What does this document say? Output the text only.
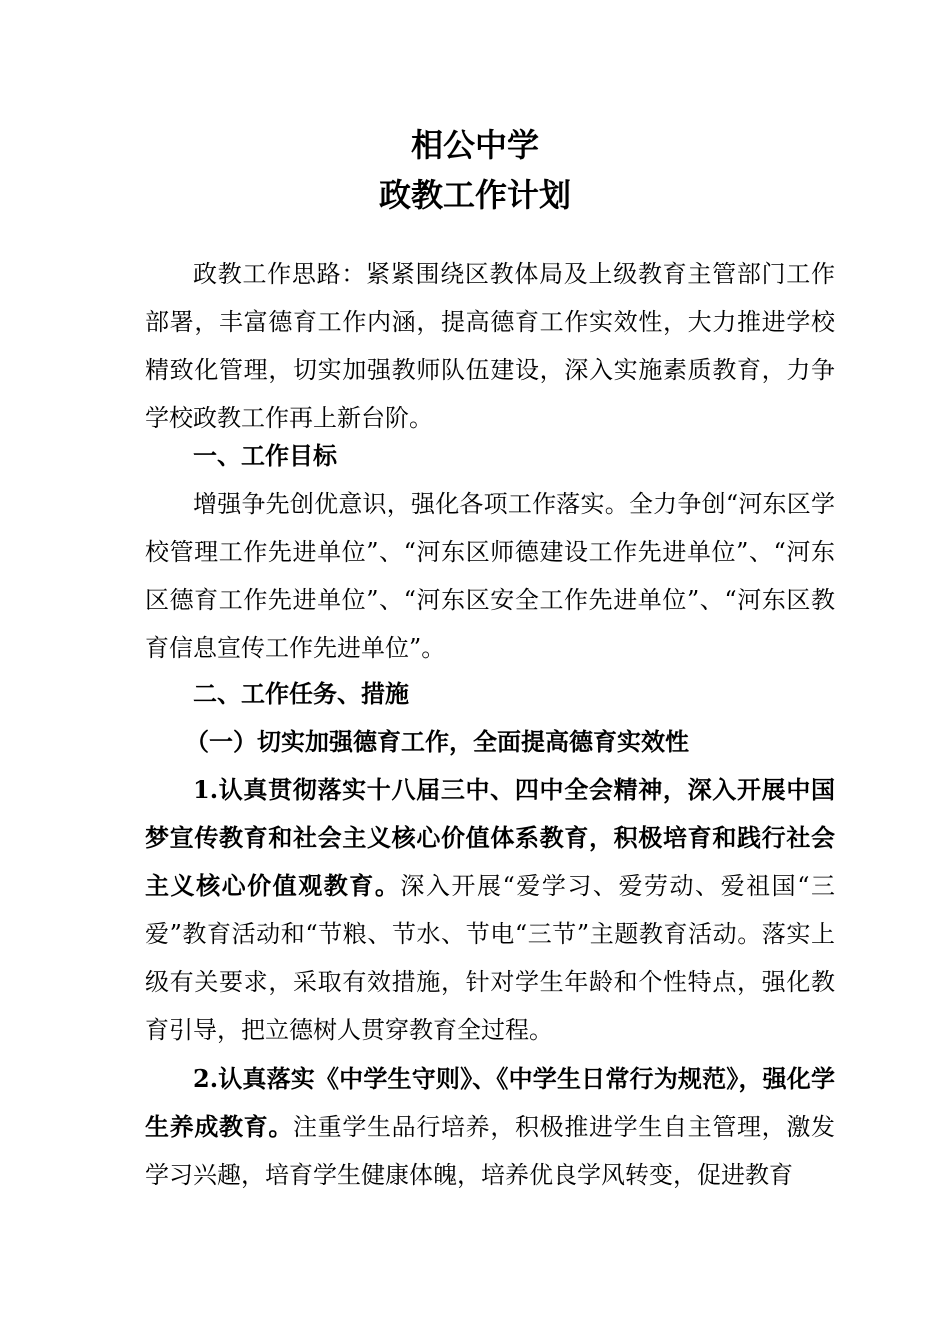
相公中学
政教工作计划

政教工作思路：紧紧围绕区教体局及上级教育主管部门工作部署，丰富德育工作内涵，提高德育工作实效性，大力推进学校精致化管理，切实加强教师队伍建设，深入实施素质教育，力争学校政教工作再上新台阶。

一、工作目标

增强争先创优意识，强化各项工作落实。全力争创“河东区学校管理工作先进单位”、“河东区师德建设工作先进单位”、“河东区德育工作先进单位”、“河东区安全工作先进单位”、“河东区教育信息宣传工作先进单位”。

二、工作任务、措施
（一）切实加强德育工作，全面提高德育实效性

1.认真贯彻落实十八届三中、四中全会精神，深入开展中国梦宣传教育和社会主义核心价值体系教育，积极培育和践行社会主义核心价值观教育。深入开展“爱学习、爱劳动、爱祖国“三爱”教育活动和“节粮、节水、节电“三节”主题教育活动。落实上级有关要求，采取有效措施，针对学生年龄和个性特点，强化教育引导，把立德树人贯穿教育全过程。

2.认真落实《中学生守则》、《中学生日常行为规范》，强化学生养成教育。注重学生品行培养，积极推进学生自主管理，激发学习兴趣，培育学生健康体魄，培养优良学风转变，促进教育
